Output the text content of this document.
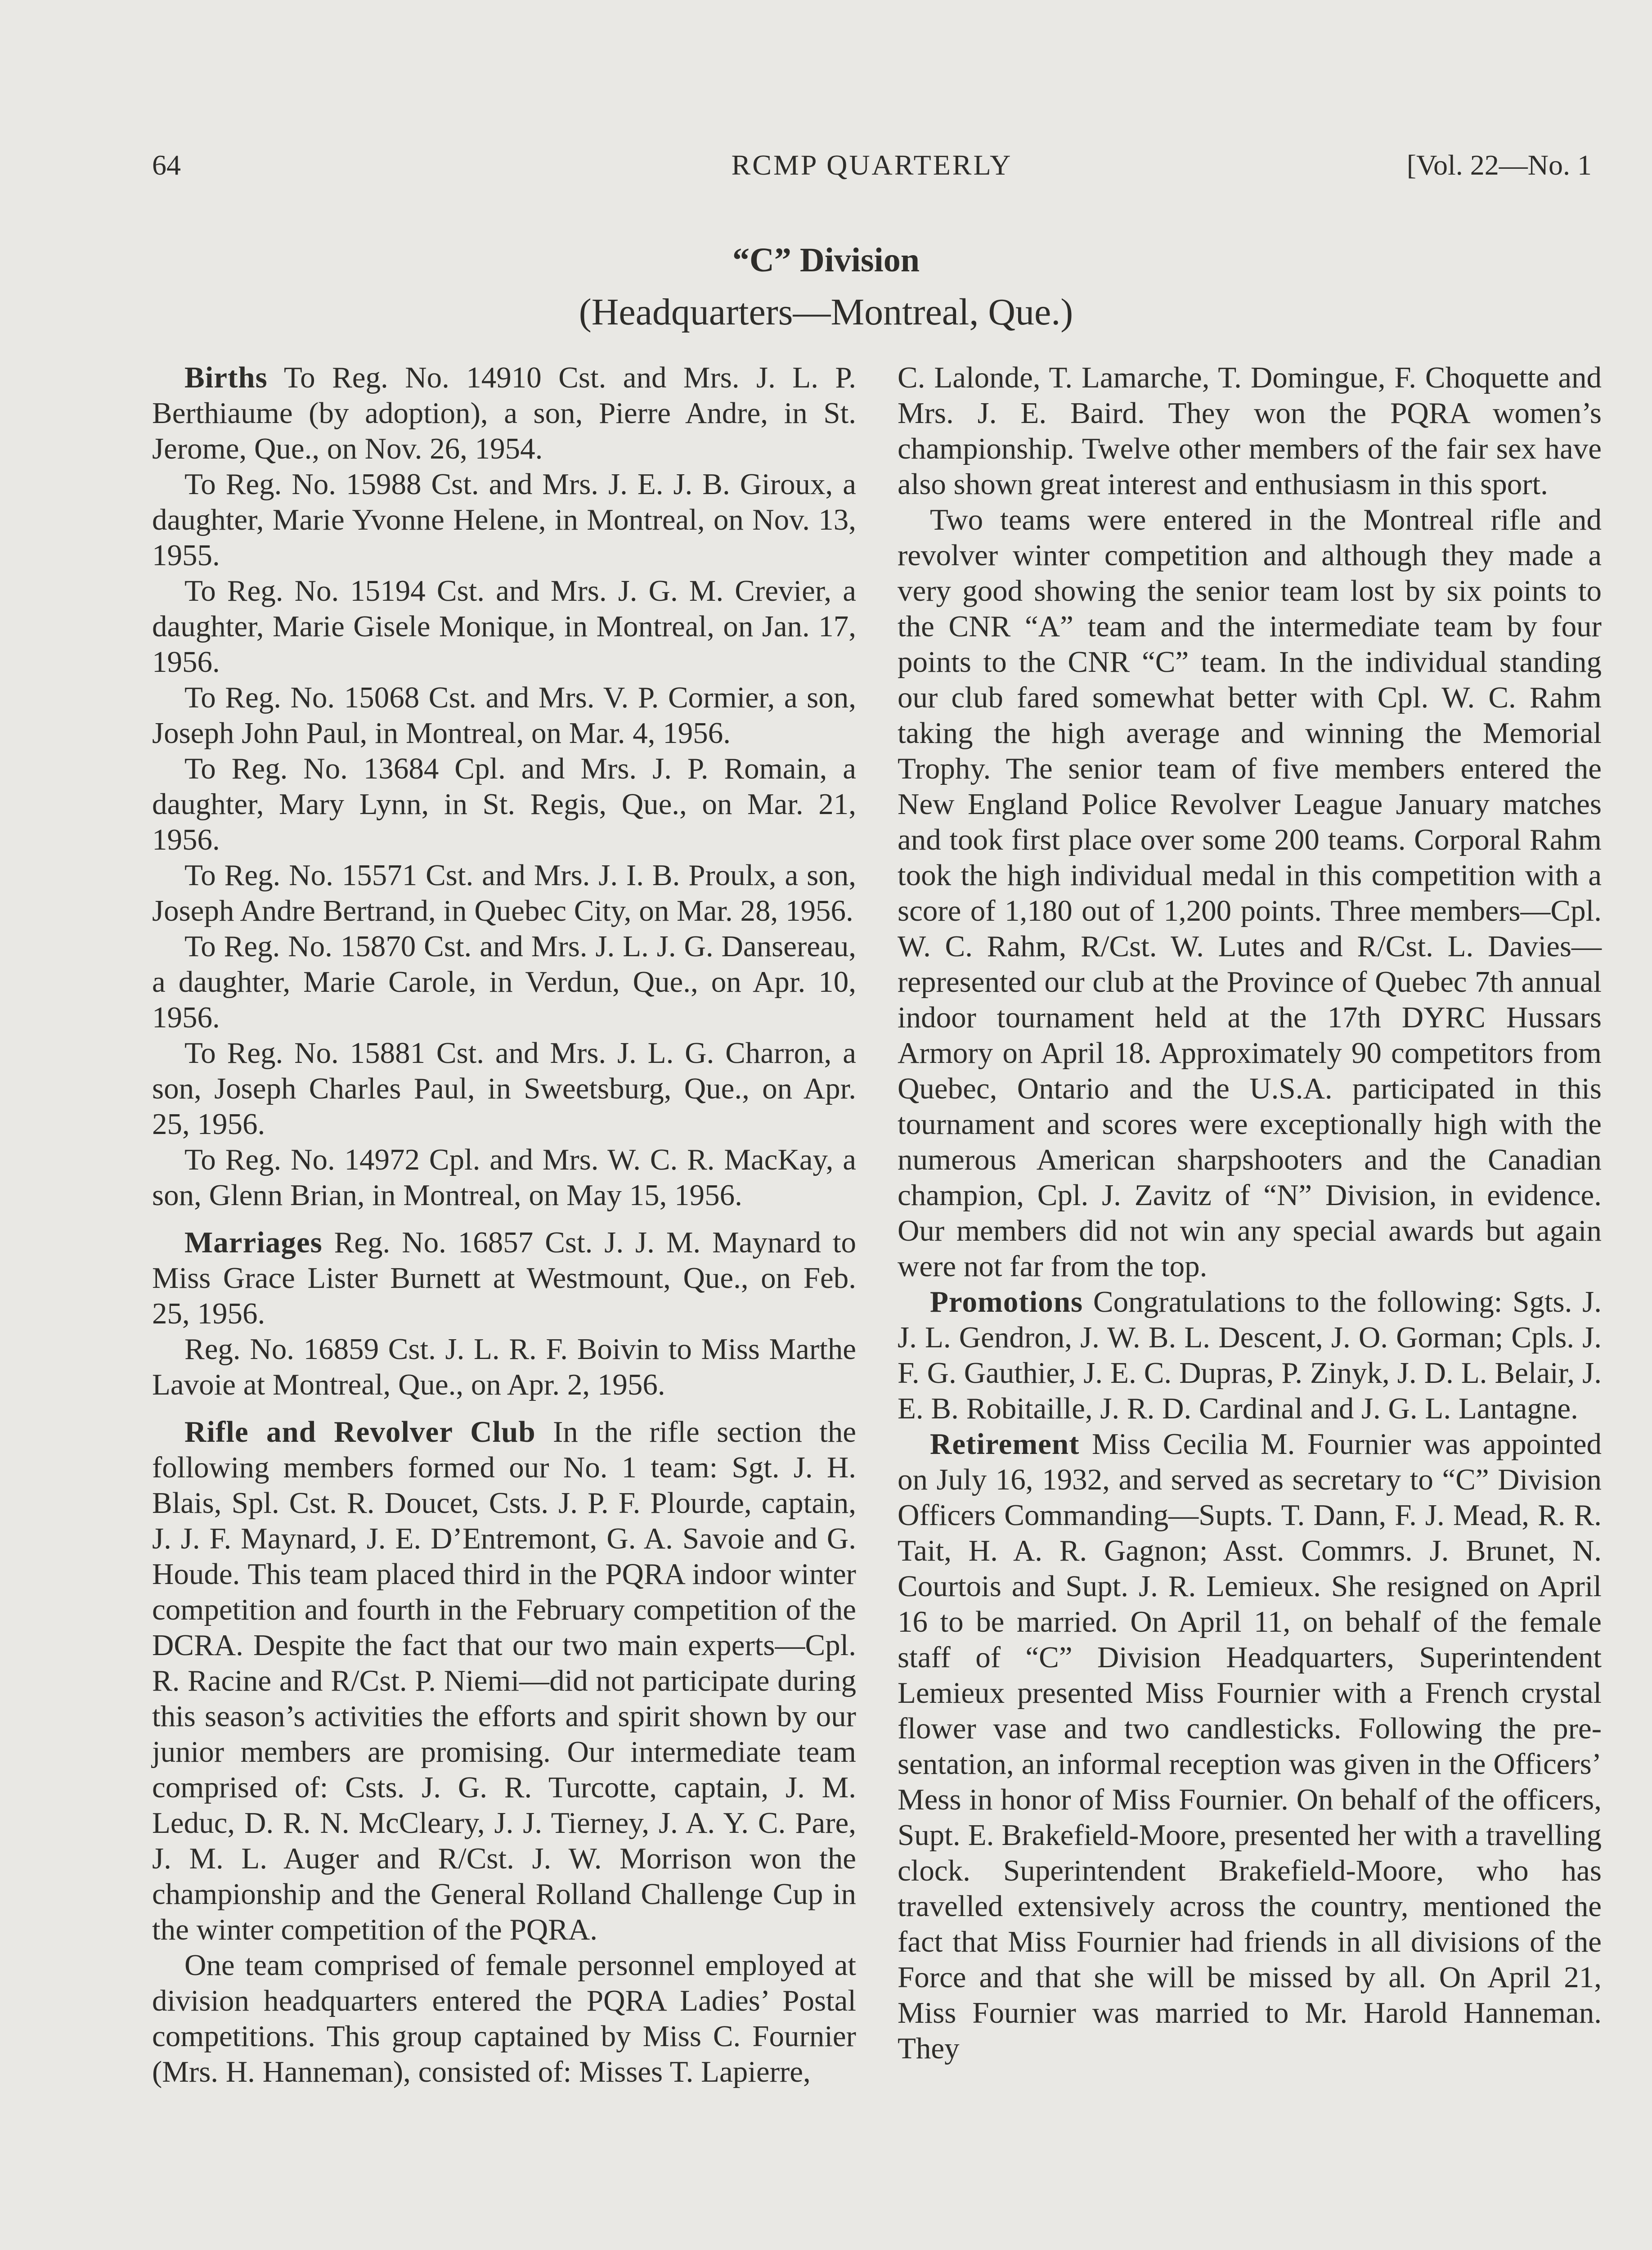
64	RCMP QUARTERLY	[Vol. 22—No. 1
“C” Division
(Headquarters—Montreal, Que.)

Births To Reg. No. 14910 Cst. and Mrs. J. L. P. Berthiaume (by adoption), a son, Pierre Andre, in St. Jerome, Que., on Nov. 26, 1954.

To Reg. No. 15988 Cst. and Mrs. J. E. J. B. Giroux, a daughter, Marie Yvonne Helene, in Montreal, on Nov. 13, 1955.

To Reg. No. 15194 Cst. and Mrs. J. G. M. Crevier, a daughter, Marie Gisele Monique, in Montreal, on Jan. 17, 1956.

To Reg. No. 15068 Cst. and Mrs. V. P. Cormier, a son, Joseph John Paul, in Montreal, on Mar. 4, 1956.

To Reg. No. 13684 Cpl. and Mrs. J. P. Romain, a daughter, Mary Lynn, in St. Regis, Que., on Mar. 21, 1956.

To Reg. No. 15571 Cst. and Mrs. J. I. B. Proulx, a son, Joseph Andre Bertrand, in Quebec City, on Mar. 28, 1956.

To Reg. No. 15870 Cst. and Mrs. J. L. J. G. Dansereau, a daughter, Marie Carole, in Verdun, Que., on Apr. 10, 1956.

To Reg. No. 15881 Cst. and Mrs. J. L. G. Charron, a son, Joseph Charles Paul, in Sweetsburg, Que., on Apr. 25, 1956.

To Reg. No. 14972 Cpl. and Mrs. W. C. R. MacKay, a son, Glenn Brian, in Montreal, on May 15, 1956.

Marriages Reg. No. 16857 Cst. J. J. M. Maynard to Miss Grace Lister Burnett at Westmount, Que., on Feb. 25, 1956.

Reg. No. 16859 Cst. J. L. R. F. Boivin to Miss Marthe Lavoie at Montreal, Que., on Apr. 2, 1956.

Rifle and Revolver Club In the rifle section the following members formed our No. 1 team: Sgt. J. H. Blais, Spl. Cst. R. Doucet, Csts. J. P. F. Plourde, captain, J. J. F. Maynard, J. E. D’Entremont, G. A. Savoie and G. Houde. This team placed third in the PQRA indoor winter competition and fourth in the February competition of the DCRA. Despite the fact that our two main experts—Cpl. R. Racine and R/Cst. P. Niemi—did not participate during this season’s activities the efforts and spirit shown by our junior members are promising. Our intermediate team comprised of: Csts. J. G. R. Turcotte, captain, J. M. Leduc, D. R. N. McCleary, J. J. Tierney, J. A. Y. C. Pare, J. M. L. Auger and R/Cst. J. W. Morrison won the championship and the General Rolland Challenge Cup in the winter competition of the PQRA.

One team comprised of female personnel employed at division headquarters entered the PQRA Ladies’ Postal competitions. This group captained by Miss C. Fournier (Mrs. H. Hanneman), consisted of: Misses T. Lapierre,

C. Lalonde, T. Lamarche, T. Domingue, F. Choquette and Mrs. J. E. Baird. They won the PQRA women’s championship. Twelve other members of the fair sex have also shown great interest and enthusiasm in this sport.

Two teams were entered in the Montreal rifle and revolver winter competition and although they made a very good showing the senior team lost by six points to the CNR “A” team and the intermediate team by four points to the CNR “C” team. In the individual standing our club fared somewhat better with Cpl. W. C. Rahm taking the high average and winning the Memorial Trophy. The senior team of five members entered the New England Police Revolver League January matches and took first place over some 200 teams. Corporal Rahm took the high individual medal in this competition with a score of 1,180 out of 1,200 points. Three members—Cpl. W. C. Rahm, R/Cst. W. Lutes and R/Cst. L. Davies—represented our club at the Province of Quebec 7th annual indoor tournament held at the 17th DYRC Hussars Armory on April 18. Approximately 90 competitors from Quebec, Ontario and the U.S.A. participated in this tournament and scores were exceptionally high with the numerous American sharpshooters and the Canadian champion, Cpl. J. Zavitz of “N” Division, in evidence. Our members did not win any special awards but again were not far from the top.

Promotions Congratulations to the following: Sgts. J. J. L. Gendron, J. W. B. L. Descent, J. O. Gorman; Cpls. J. F. G. Gauthier, J. E. C. Dupras, P. Zinyk, J. D. L. Belair, J. E. B. Robitaille, J. R. D. Cardinal and J. G. L. Lantagne.

Retirement Miss Cecilia M. Fournier was appointed on July 16, 1932, and served as secretary to “C” Division Officers Commanding—Supts. T. Dann, F. J. Mead, R. R. Tait, H. A. R. Gagnon; Asst. Commrs. J. Brunet, N. Courtois and Supt. J. R. Lemieux. She resigned on April 16 to be married. On April 11, on behalf of the female staff of “C” Division Headquarters, Superintendent Lemieux presented Miss Fournier with a French crystal flower vase and two candlesticks. Following the presentation, an informal reception was given in the Officers’ Mess in honor of Miss Fournier. On behalf of the officers, Supt. E. Brakefield-Moore, presented her with a travelling clock. Superintendent Brakefield-Moore, who has travelled extensively across the country, mentioned the fact that Miss Fournier had friends in all divisions of the Force and that she will be missed by all. On April 21, Miss Fournier was married to Mr. Harold Hanneman. They
